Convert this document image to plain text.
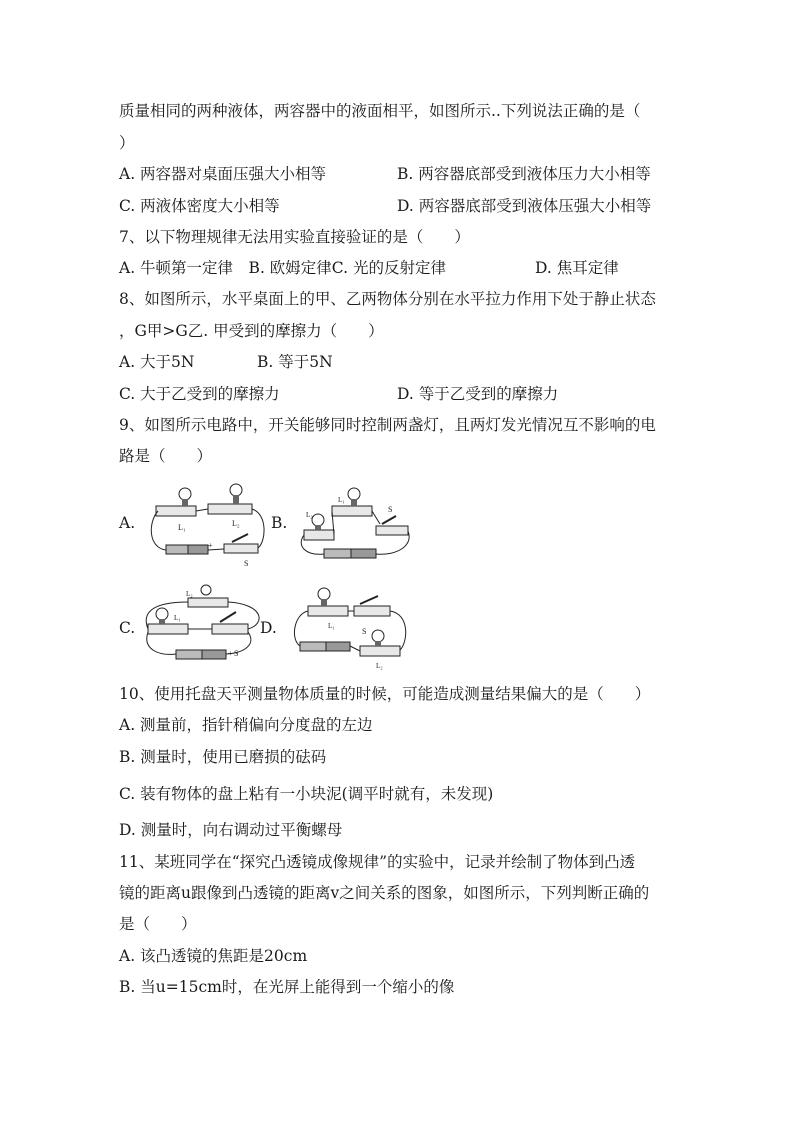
质量相同的两种液体，两容器中的液面相平，如图所示..下列说法正确的是（
）
A. 两容器对桌面压强大小相等	B. 两容器底部受到液体压力大小相等
C. 两液体密度大小相等	D. 两容器底部受到液体压强大小相等
7、以下物理规律无法用实验直接验证的是（　　）
A. 牛顿第一定律　B. 欧姆定律C. 光的反射定律	D. 焦耳定律
8、如图所示，水平桌面上的甲、乙两物体分别在水平拉力作用下处于静止状态
，G甲>G乙. 甲受到的摩擦力（　　）
A. 大于5N	B. 等于5N
C. 大于乙受到的摩擦力	D. 等于乙受到的摩擦力
9、如图所示电路中，开关能够同时控制两盏灯，且两灯发光情况互不影响的电
路是（　　）
A.	L₁	L₂
+
S
B.
L₁
L₂
S
C.
L₂
L₁
+ S
D.	L₁
S
L₂
10、使用托盘天平测量物体质量的时候，可能造成测量结果偏大的是（　　）
A. 测量前，指针稍偏向分度盘的左边
B. 测量时，使用已磨损的砝码
C. 装有物体的盘上粘有一小块泥(调平时就有，未发现)
D. 测量时，向右调动过平衡螺母
11、某班同学在“探究凸透镜成像规律”的实验中，记录并绘制了物体到凸透
镜的距离u跟像到凸透镜的距离v之间关系的图象，如图所示，下列判断正确的
是（　　）
A. 该凸透镜的焦距是20cm
B. 当u=15cm时，在光屏上能得到一个缩小的像
